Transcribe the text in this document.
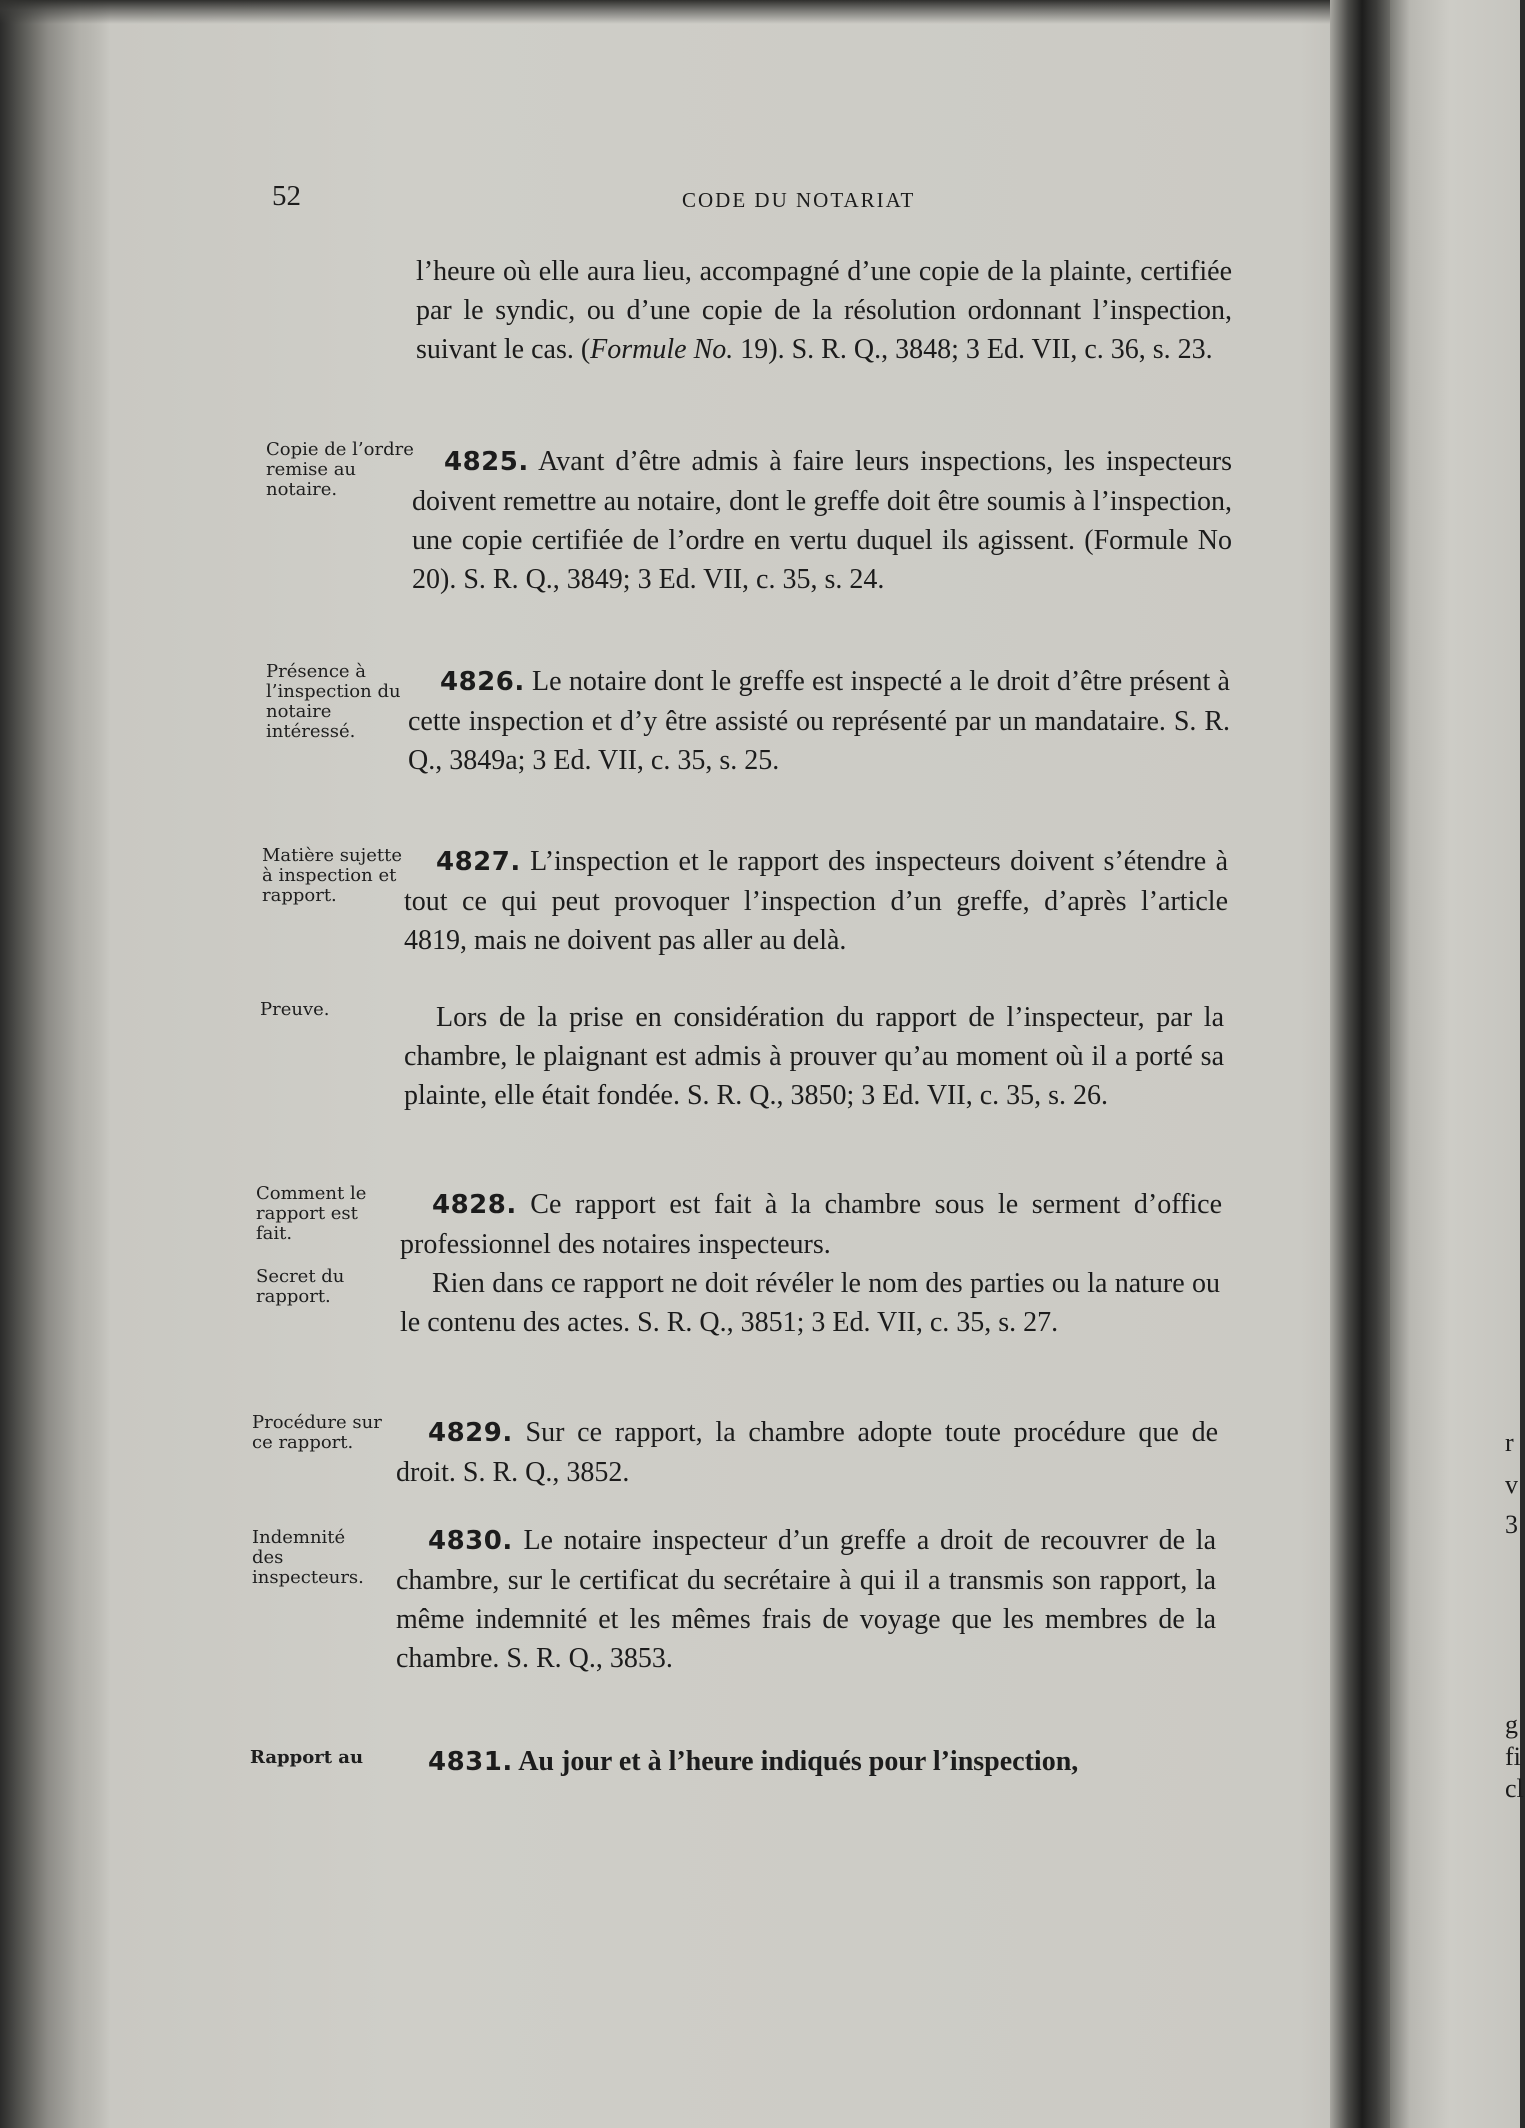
52	CODE DU NOTARIAT

l’heure où elle aura lieu, accompagné d’une copie de la plainte, certifiée par le syndic, ou d’une copie de la résolution ordonnant l’inspection, suivant le cas. (Formule No. 19). S. R. Q., 3848; 3 Ed. VII, c. 36, s. 23.

4825. Avant d’être admis à faire leurs inspections, les inspecteurs doivent remettre au notaire, dont le greffe doit être soumis à l’inspection, une copie certifiée de l’ordre en vertu duquel ils agissent. (Formule No 20). S. R. Q., 3849; 3 Ed. VII, c. 35, s. 24.

4826. Le notaire dont le greffe est inspecté a le droit d’être présent à cette inspection et d’y être assisté ou représenté par un mandataire. S. R. Q., 3849a; 3 Ed. VII, c. 35, s. 25.

4827. L’inspection et le rapport des inspecteurs doivent s’étendre à tout ce qui peut provoquer l’inspection d’un greffe, d’après l’article 4819, mais ne doivent pas aller au delà.

Lors de la prise en considération du rapport de l’inspecteur, par la chambre, le plaignant est admis à prouver qu’au moment où il a porté sa plainte, elle était fondée. S. R. Q., 3850; 3 Ed. VII, c. 35, s. 26.

4828. Ce rapport est fait à la chambre sous le serment d’office professionnel des notaires inspecteurs.

Rien dans ce rapport ne doit révéler le nom des parties ou la nature ou le contenu des actes. S. R. Q., 3851; 3 Ed. VII, c. 35, s. 27.

4829. Sur ce rapport, la chambre adopte toute procédure que de droit. S. R. Q., 3852.

4830. Le notaire inspecteur d’un greffe a droit de recouvrer de la chambre, sur le certificat du secrétaire à qui il a transmis son rapport, la même indemnité et les mêmes frais de voyage que les membres de la chambre. S. R. Q., 3853.

4831. Au jour et à l’heure indiqués pour l’inspection,

Copie de l’ordre remise au notaire.
Présence à l’inspection du notaire intéressé.
Matière sujette à inspection et rapport.
Preuve.
Comment le rapport est fait.
Secret du rapport.
Procédure sur ce rapport.
Indemnité des inspecteurs.
Rapport au
r
v
3
g
fi
cl
